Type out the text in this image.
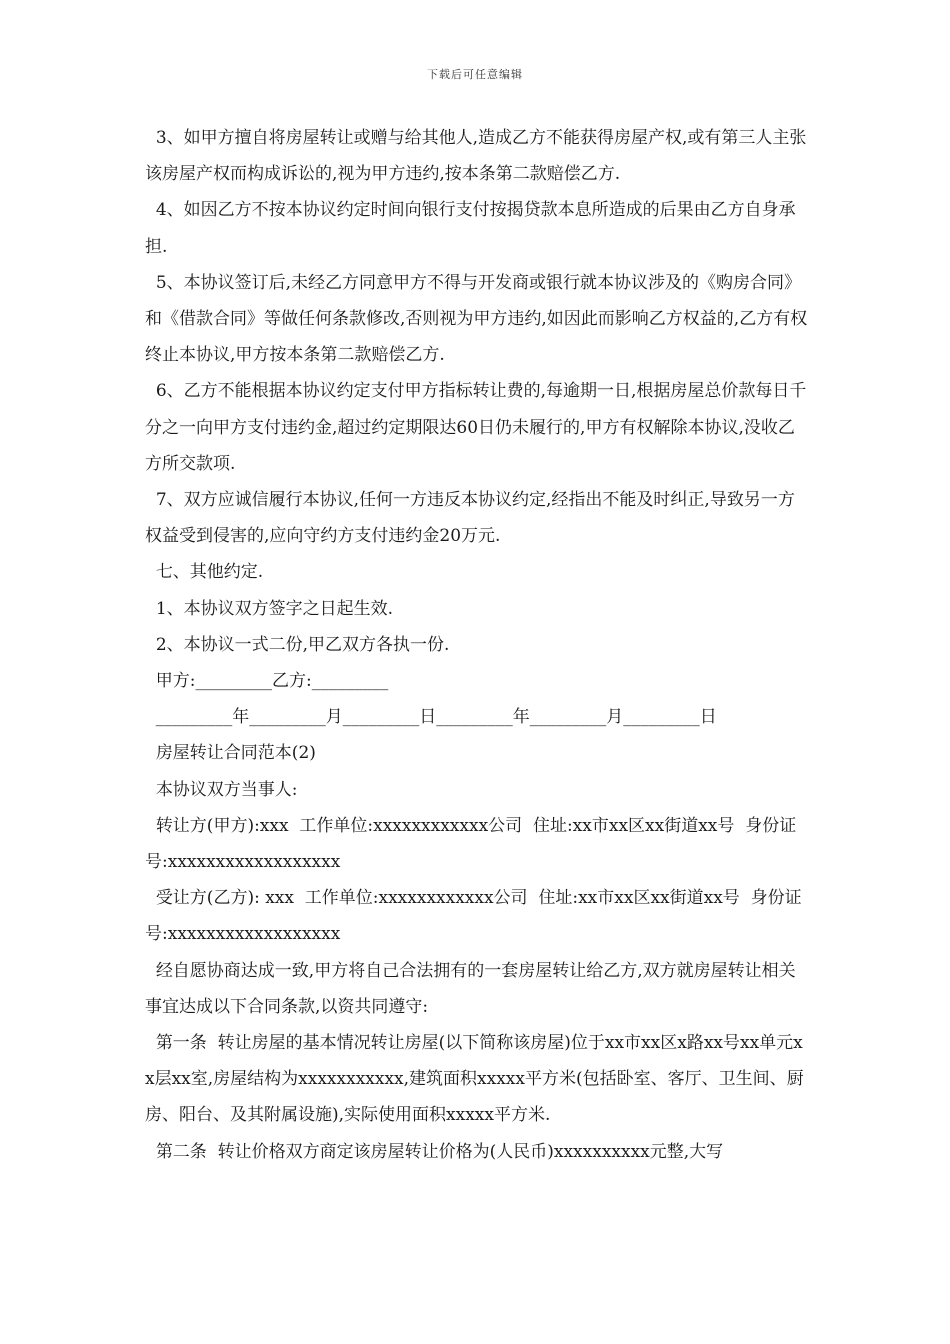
下载后可任意编辑

3、如甲方擅自将房屋转让或赠与给其他人,造成乙方不能获得房屋产权,或有第三人主张该房屋产权而构成诉讼的,视为甲方违约,按本条第二款赔偿乙方.

4、如因乙方不按本协议约定时间向银行支付按揭贷款本息所造成的后果由乙方自身承担.

5、本协议签订后,未经乙方同意甲方不得与开发商或银行就本协议涉及的《购房合同》和《借款合同》等做任何条款修改,否则视为甲方违约,如因此而影响乙方权益的,乙方有权终止本协议,甲方按本条第二款赔偿乙方.

6、乙方不能根据本协议约定支付甲方指标转让费的,每逾期一日,根据房屋总价款每日千分之一向甲方支付违约金,超过约定期限达60日仍未履行的,甲方有权解除本协议,没收乙方所交款项.

7、双方应诚信履行本协议,任何一方违反本协议约定,经指出不能及时纠正,导致另一方权益受到侵害的,应向守约方支付违约金20万元.

七、其他约定.

1、本协议双方签字之日起生效.

2、本协议一式二份,甲乙双方各执一份.

甲方:_________乙方:_________

_________年_________月_________日_________年_________月_________日

房屋转让合同范本(2)

本协议双方当事人:

转让方(甲方):xxx  工作单位:xxxxxxxxxxxx公司  住址:xx市xx区xx街道xx号  身份证号:xxxxxxxxxxxxxxxxxx

受让方(乙方): xxx  工作单位:xxxxxxxxxxxx公司  住址:xx市xx区xx街道xx号  身份证号:xxxxxxxxxxxxxxxxxx

经自愿协商达成一致,甲方将自己合法拥有的一套房屋转让给乙方,双方就房屋转让相关事宜达成以下合同条款,以资共同遵守:

第一条  转让房屋的基本情况转让房屋(以下简称该房屋)位于xx市xx区x路xx号xx单元xx层xx室,房屋结构为xxxxxxxxxxx,建筑面积xxxxx平方米(包括卧室、客厅、卫生间、厨房、阳台、及其附属设施),实际使用面积xxxxx平方米.

第二条  转让价格双方商定该房屋转让价格为(人民币)xxxxxxxxxx元整,大写
